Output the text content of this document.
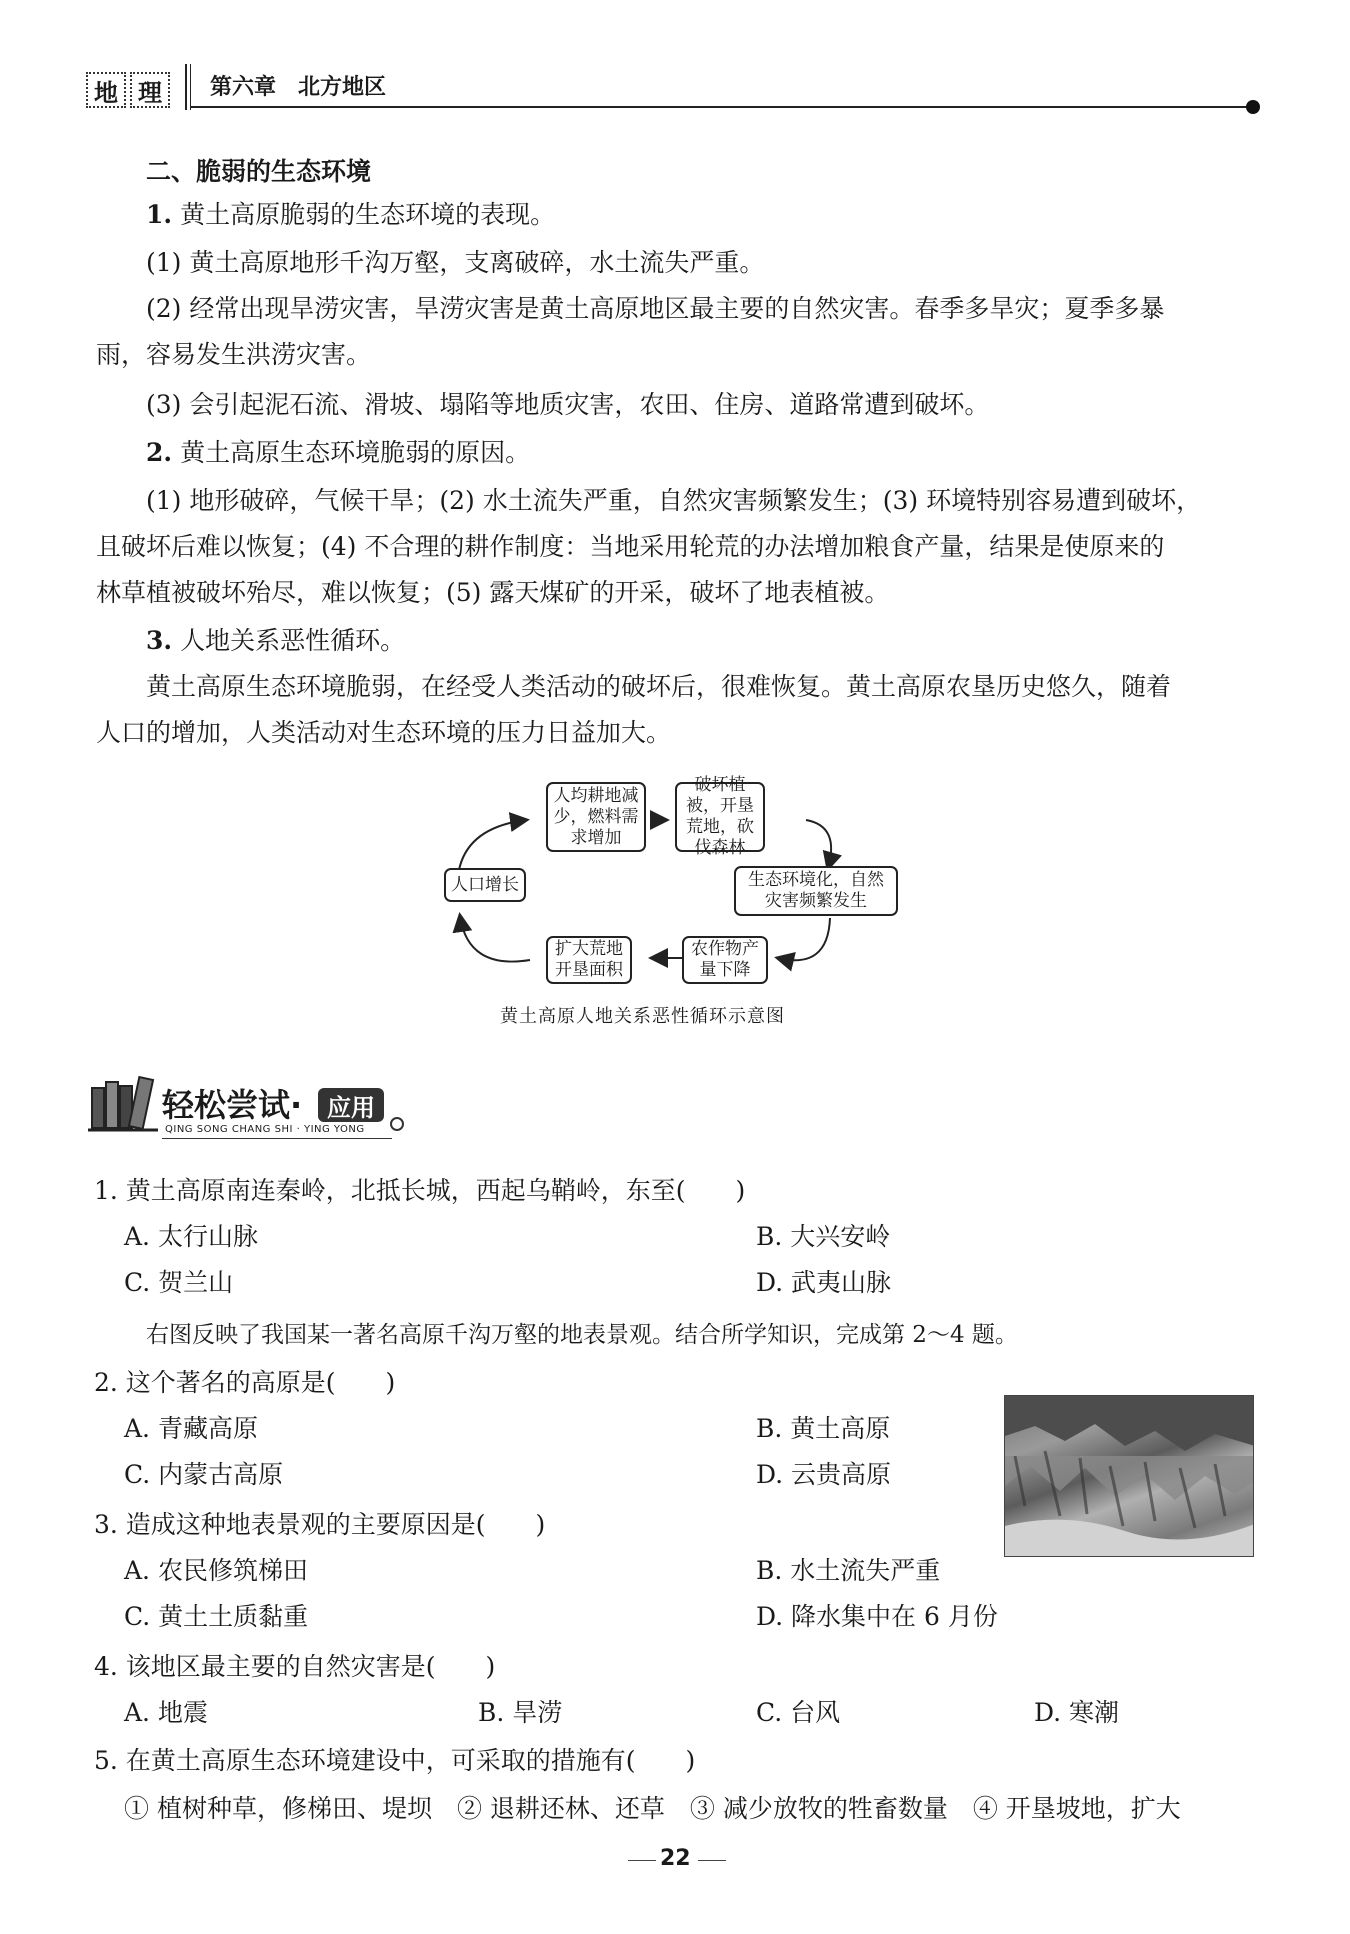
地 理	第六章　北方地区
二、脆弱的生态环境
1. 黄土高原脆弱的生态环境的表现。
(1) 黄土高原地形千沟万壑，支离破碎，水土流失严重。
(2) 经常出现旱涝灾害，旱涝灾害是黄土高原地区最主要的自然灾害。春季多旱灾；夏季多暴
雨，容易发生洪涝灾害。
(3) 会引起泥石流、滑坡、塌陷等地质灾害，农田、住房、道路常遭到破坏。
2. 黄土高原生态环境脆弱的原因。
(1) 地形破碎，气候干旱；(2) 水土流失严重，自然灾害频繁发生；(3) 环境特别容易遭到破坏，
且破坏后难以恢复；(4) 不合理的耕作制度：当地采用轮荒的办法增加粮食产量，结果是使原来的
林草植被破坏殆尽，难以恢复；(5) 露天煤矿的开采，破坏了地表植被。
3. 人地关系恶性循环。
黄土高原生态环境脆弱，在经受人类活动的破坏后，很难恢复。黄土高原农垦历史悠久，随着
人口的增加，人类活动对生态环境的压力日益加大。
人口增长
人均耕地减少，燃料需求增加
破坏植被，开垦荒地，砍伐森林
生态环境化，自然灾害频繁发生
农作物产量下降
扩大荒地开垦面积
黄土高原人地关系恶性循环示意图
轻松尝试·	应用
QING SONG CHANG SHI · YING YONG
1. 黄土高原南连秦岭，北抵长城，西起乌鞘岭，东至(　　)
A. 太行山脉	B. 大兴安岭
C. 贺兰山	D. 武夷山脉
右图反映了我国某一著名高原千沟万壑的地表景观。结合所学知识，完成第 2～4 题。
2. 这个著名的高原是(　　)
A. 青藏高原	B. 黄土高原
C. 内蒙古高原	D. 云贵高原
3. 造成这种地表景观的主要原因是(　　)
A. 农民修筑梯田	B. 水土流失严重
C. 黄土土质黏重	D. 降水集中在 6 月份
4. 该地区最主要的自然灾害是(　　)
A. 地震	B. 旱涝	C. 台风	D. 寒潮
5. 在黄土高原生态环境建设中，可采取的措施有(　　)
① 植树种草，修梯田、堤坝　② 退耕还林、还草　③ 减少放牧的牲畜数量　④ 开垦坡地，扩大
22
